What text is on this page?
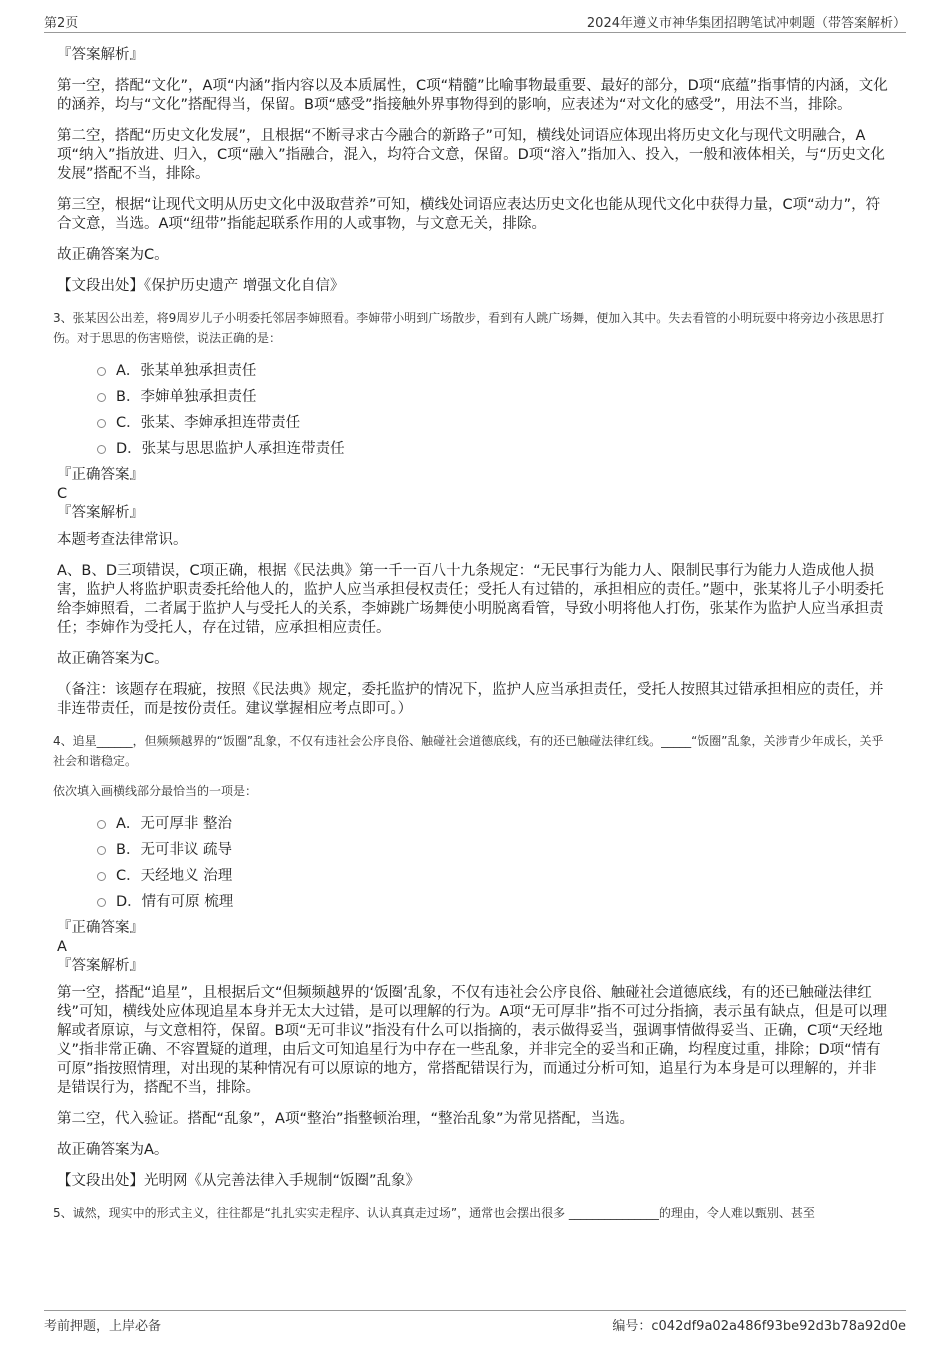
第2页	2024年遵义市神华集团招聘笔试冲刺题（带答案解析）

『答案解析』

第一空，搭配“文化”，A项“内涵”指内容以及本质属性，C项“精髓”比喻事物最重要、最好的部分，D项“底蕴”指事情的内涵，文化的涵养，均与“文化”搭配得当，保留。B项“感受”指接触外界事物得到的影响，应表述为“对文化的感受”，用法不当，排除。

第二空，搭配“历史文化发展”，且根据“不断寻求古今融合的新路子”可知，横线处词语应体现出将历史文化与现代文明融合，A项“纳入”指放进、归入，C项“融入”指融合，混入，均符合文意，保留。D项“溶入”指加入、投入，一般和液体相关，与“历史文化发展”搭配不当，排除。

第三空，根据“让现代文明从历史文化中汲取营养”可知，横线处词语应表达历史文化也能从现代文化中获得力量，C项“动力”，符合文意，当选。A项“纽带”指能起联系作用的人或事物，与文意无关，排除。

故正确答案为C。

【文段出处】《保护历史遗产 增强文化自信》

3、张某因公出差，将9周岁儿子小明委托邻居李婶照看。李婶带小明到广场散步，看到有人跳广场舞，便加入其中。失去看管的小明玩耍中将旁边小孩思思打伤。对于思思的伤害赔偿，说法正确的是：

A．张某单独承担责任
B．李婶单独承担责任
C．张某、李婶承担连带责任
D．张某与思思监护人承担连带责任

『正确答案』

C

『答案解析』

本题考查法律常识。

A、B、D三项错误，C项正确，根据《民法典》第一千一百八十九条规定：“无民事行为能力人、限制民事行为能力人造成他人损害，监护人将监护职责委托给他人的，监护人应当承担侵权责任；受托人有过错的，承担相应的责任。”题中，张某将儿子小明委托给李婶照看，二者属于监护人与受托人的关系，李婶跳广场舞使小明脱离看管，导致小明将他人打伤，张某作为监护人应当承担责任；李婶作为受托人，存在过错，应承担相应责任。

故正确答案为C。

（备注：该题存在瑕疵，按照《民法典》规定，委托监护的情况下，监护人应当承担责任，受托人按照其过错承担相应的责任，并非连带责任，而是按份责任。建议掌握相应考点即可。）

4、追星______，但频频越界的“饭圈”乱象，不仅有违社会公序良俗、触碰社会道德底线，有的还已触碰法律红线。_____“饭圈”乱象，关涉青少年成长，关乎社会和谐稳定。

依次填入画横线部分最恰当的一项是：

A．无可厚非 整治
B．无可非议 疏导
C．天经地义 治理
D．情有可原 梳理

『正确答案』

A

『答案解析』

第一空，搭配“追星”，且根据后文“但频频越界的‘饭圈’乱象，不仅有违社会公序良俗、触碰社会道德底线，有的还已触碰法律红线”可知，横线处应体现追星本身并无太大过错，是可以理解的行为。A项“无可厚非”指不可过分指摘，表示虽有缺点，但是可以理解或者原谅，与文意相符，保留。B项“无可非议”指没有什么可以指摘的，表示做得妥当，强调事情做得妥当、正确，C项“天经地义”指非常正确、不容置疑的道理，由后文可知追星行为中存在一些乱象，并非完全的妥当和正确，均程度过重，排除；D项“情有可原”指按照情理，对出现的某种情况有可以原谅的地方，常搭配错误行为，而通过分析可知，追星行为本身是可以理解的，并非是错误行为，搭配不当，排除。

第二空，代入验证。搭配“乱象”，A项“整治”指整顿治理，“整治乱象”为常见搭配，当选。

故正确答案为A。

【文段出处】光明网《从完善法律入手规制“饭圈”乱象》

5、诚然，现实中的形式主义，往往都是“扎扎实实走程序、认认真真走过场”，通常也会摆出很多 _______________的理由，令人难以甄别、甚至

考前押题，上岸必备	编号：c042df9a02a486f93be92d3b78a92d0e
